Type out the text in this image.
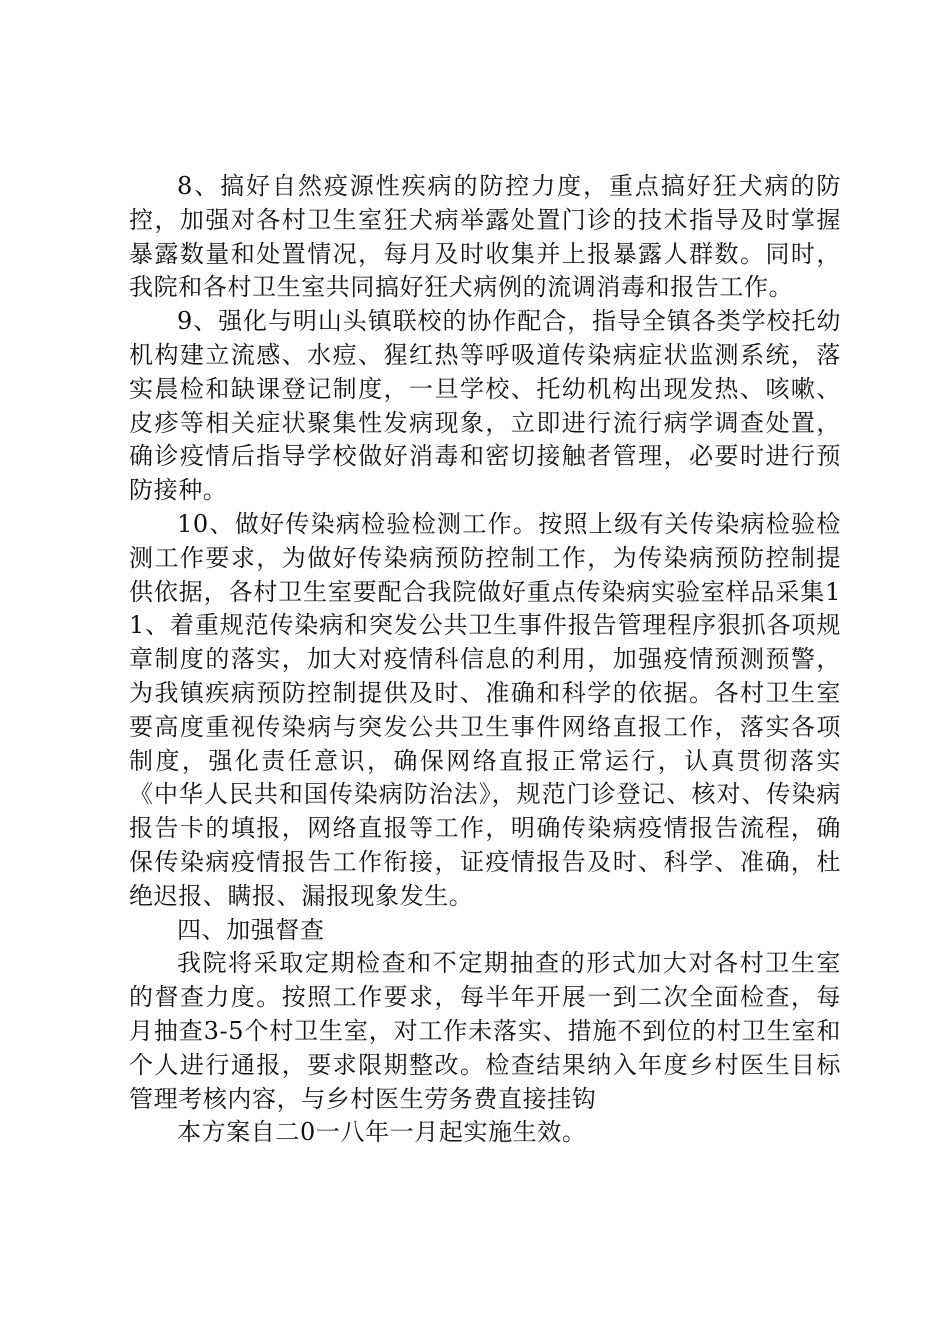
8、搞好自然疫源性疾病的防控力度，重点搞好狂犬病的防控，加强对各村卫生室狂犬病举露处置门诊的技术指导及时掌握暴露数量和处置情况，每月及时收集并上报暴露人群数。同时，我院和各村卫生室共同搞好狂犬病例的流调消毒和报告工作。

9、强化与明山头镇联校的协作配合，指导全镇各类学校托幼机构建立流感、水痘、猩红热等呼吸道传染病症状监测系统，落实晨检和缺课登记制度，一旦学校、托幼机构出现发热、咳嗽、皮疹等相关症状聚集性发病现象，立即进行流行病学调查处置，确诊疫情后指导学校做好消毒和密切接触者管理，必要时进行预防接种。

10、做好传染病检验检测工作。按照上级有关传染病检验检测工作要求，为做好传染病预防控制工作，为传染病预防控制提供依据，各村卫生室要配合我院做好重点传染病实验室样品采集11、着重规范传染病和突发公共卫生事件报告管理程序狠抓各项规章制度的落实，加大对疫情科信息的利用，加强疫情预测预警，为我镇疾病预防控制提供及时、准确和科学的依据。各村卫生室要高度重视传染病与突发公共卫生事件网络直报工作，落实各项制度，强化责任意识，确保网络直报正常运行，认真贯彻落实《中华人民共和国传染病防治法》，规范门诊登记、核对、传染病报告卡的填报，网络直报等工作，明确传染病疫情报告流程，确保传染病疫情报告工作衔接，证疫情报告及时、科学、准确，杜绝迟报、瞒报、漏报现象发生。

四、加强督查

我院将采取定期检查和不定期抽查的形式加大对各村卫生室的督查力度。按照工作要求，每半年开展一到二次全面检查，每月抽查3-5个村卫生室，对工作未落实、措施不到位的村卫生室和个人进行通报，要求限期整改。检查结果纳入年度乡村医生目标管理考核内容，与乡村医生劳务费直接挂钩

本方案自二0一八年一月起实施生效。
